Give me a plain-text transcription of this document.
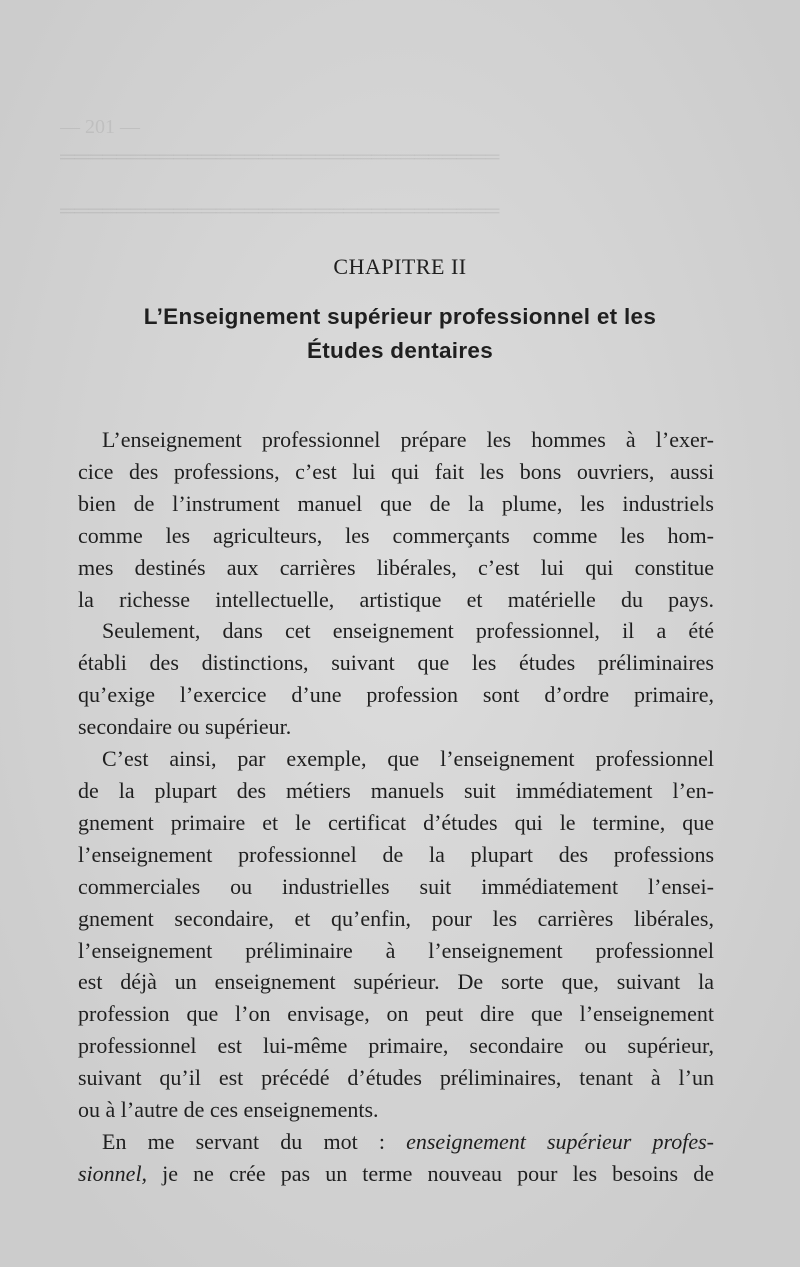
— 201 —
═══════════════════════════════
═══════════════════════════════
CHAPITRE II
L’Enseignement supérieur professionnel et les
Études dentaires

L’enseignement professionnel prépare les hommes à l’exer-
cice des professions, c’est lui qui fait les bons ouvriers, aussi
bien de l’instrument manuel que de la plume, les industriels
comme les agriculteurs, les commerçants comme les hom-
mes destinés aux carrières libérales, c’est lui qui constitue
la richesse intellectuelle, artistique et matérielle du pays.

Seulement, dans cet enseignement professionnel, il a été
établi des distinctions, suivant que les études préliminaires
qu’exige l’exercice d’une profession sont d’ordre primaire,
secondaire ou supérieur.

C’est ainsi, par exemple, que l’enseignement professionnel
de la plupart des métiers manuels suit immédiatement l’en-
gnement primaire et le certificat d’études qui le termine, que
l’enseignement professionnel de la plupart des professions
commerciales ou industrielles suit immédiatement l’ensei-
gnement secondaire, et qu’enfin, pour les carrières libérales,
l’enseignement préliminaire à l’enseignement professionnel
est déjà un enseignement supérieur. De sorte que, suivant la
profession que l’on envisage, on peut dire que l’enseignement
professionnel est lui-même primaire, secondaire ou supérieur,
suivant qu’il est précédé d’études préliminaires, tenant à l’un
ou à l’autre de ces enseignements.

En me servant du mot : enseignement supérieur profes-
sionnel, je ne crée pas un terme nouveau pour les besoins de
